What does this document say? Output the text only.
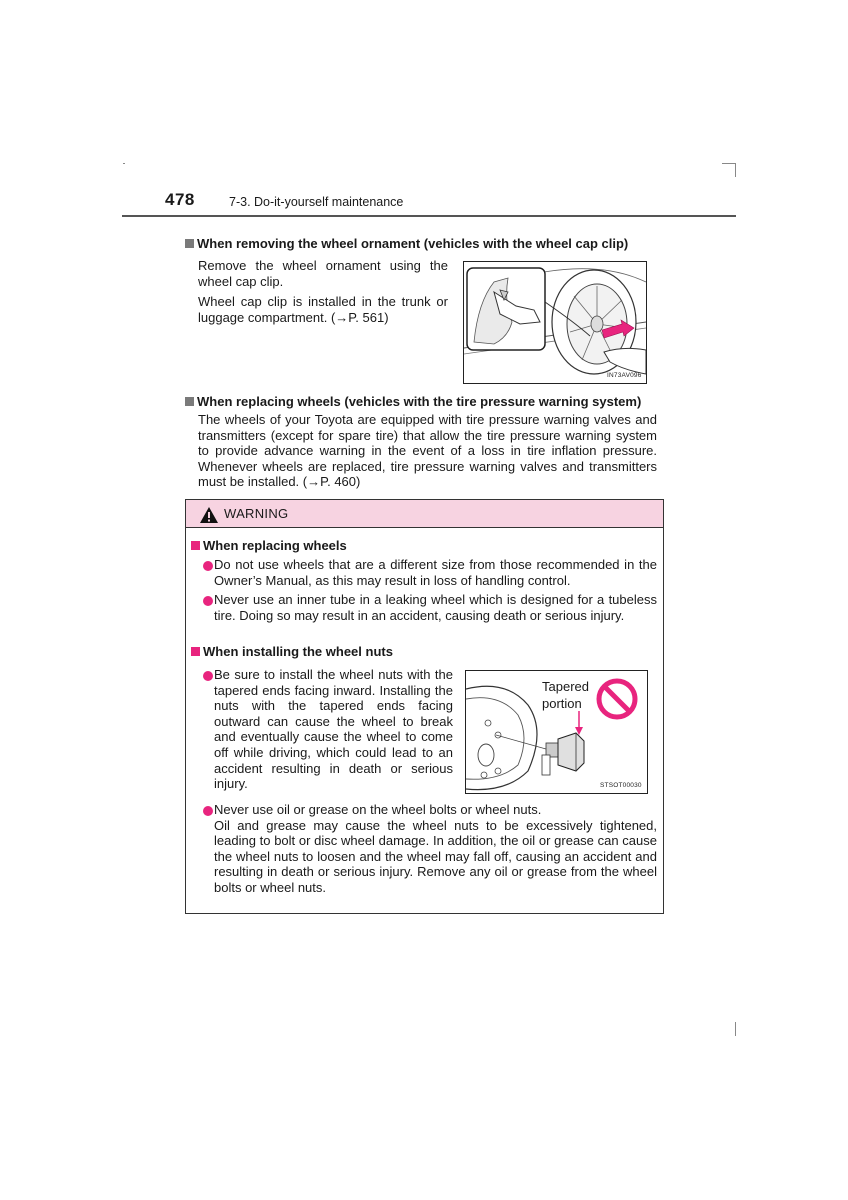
478	7-3. Do-it-yourself maintenance
When removing the wheel ornament (vehicles with the wheel cap clip)

Remove the wheel ornament using the wheel cap clip.

Wheel cap clip is installed in the trunk or luggage compartment. (→P. 561)

IN73AV096
When replacing wheels (vehicles with the tire pressure warning system)
The wheels of your Toyota are equipped with tire pressure warning valves and transmitters (except for spare tire) that allow the tire pressure warning system to provide advance warning in the event of a loss in tire inflation pressure. Whenever wheels are replaced, tire pressure warning valves and transmitters must be installed. (→P. 460)
WARNING
When replacing wheels
Do not use wheels that are a different size from those recommended in the Owner’s Manual, as this may result in loss of handling control.
Never use an inner tube in a leaking wheel which is designed for a tubeless tire. Doing so may result in an accident, causing death or serious injury.
When installing the wheel nuts
Be sure to install the wheel nuts with the tapered ends facing inward. Installing the nuts with the tapered ends facing outward can cause the wheel to break and eventually cause the wheel to come off while driving, which could lead to an accident resulting in death or serious injury.
Tapered
portion
STSOT00030
Never use oil or grease on the wheel bolts or wheel nuts.
Oil and grease may cause the wheel nuts to be excessively tightened, leading to bolt or disc wheel damage. In addition, the oil or grease can cause the wheel nuts to loosen and the wheel may fall off, causing an accident and resulting in death or serious injury. Remove any oil or grease from the wheel bolts or wheel nuts.
